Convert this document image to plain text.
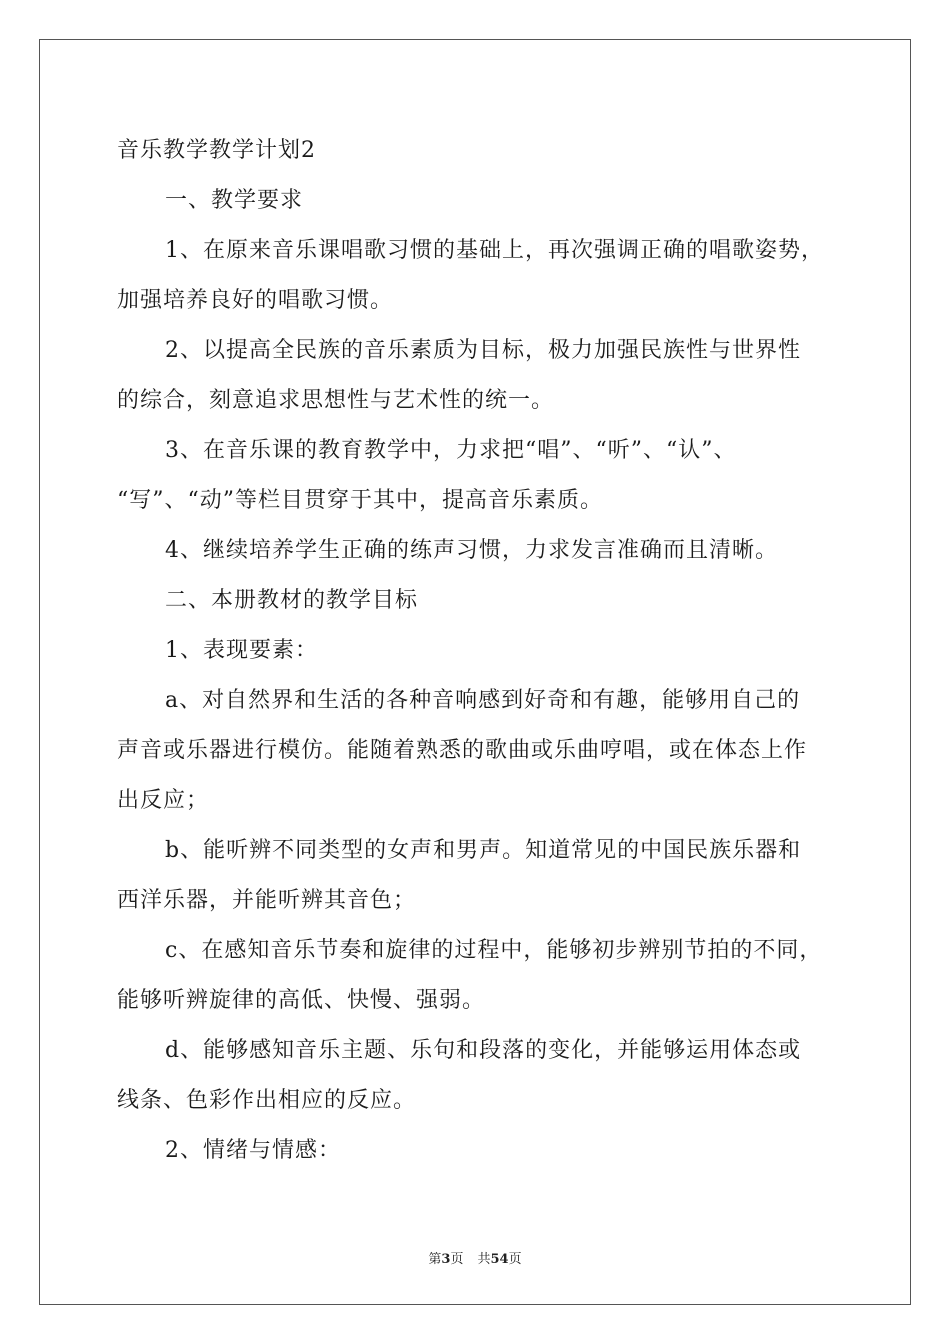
音乐教学教学计划2
一、教学要求
1、在原来音乐课唱歌习惯的基础上，再次强调正确的唱歌姿势，
加强培养良好的唱歌习惯。
2、以提高全民族的音乐素质为目标，极力加强民族性与世界性
的综合，刻意追求思想性与艺术性的统一。
3、在音乐课的教育教学中，力求把“唱”、“听”、“认”、
“写”、“动”等栏目贯穿于其中，提高音乐素质。
4、继续培养学生正确的练声习惯，力求发言准确而且清晰。
二、本册教材的教学目标
1、表现要素：
a、对自然界和生活的各种音响感到好奇和有趣，能够用自己的
声音或乐器进行模仿。能随着熟悉的歌曲或乐曲哼唱，或在体态上作
出反应；
b、能听辨不同类型的女声和男声。知道常见的中国民族乐器和
西洋乐器，并能听辨其音色；
c、在感知音乐节奏和旋律的过程中，能够初步辨别节拍的不同，
能够听辨旋律的高低、快慢、强弱。
d、能够感知音乐主题、乐句和段落的变化，并能够运用体态或
线条、色彩作出相应的反应。
2、情绪与情感：
第3页 共54页
